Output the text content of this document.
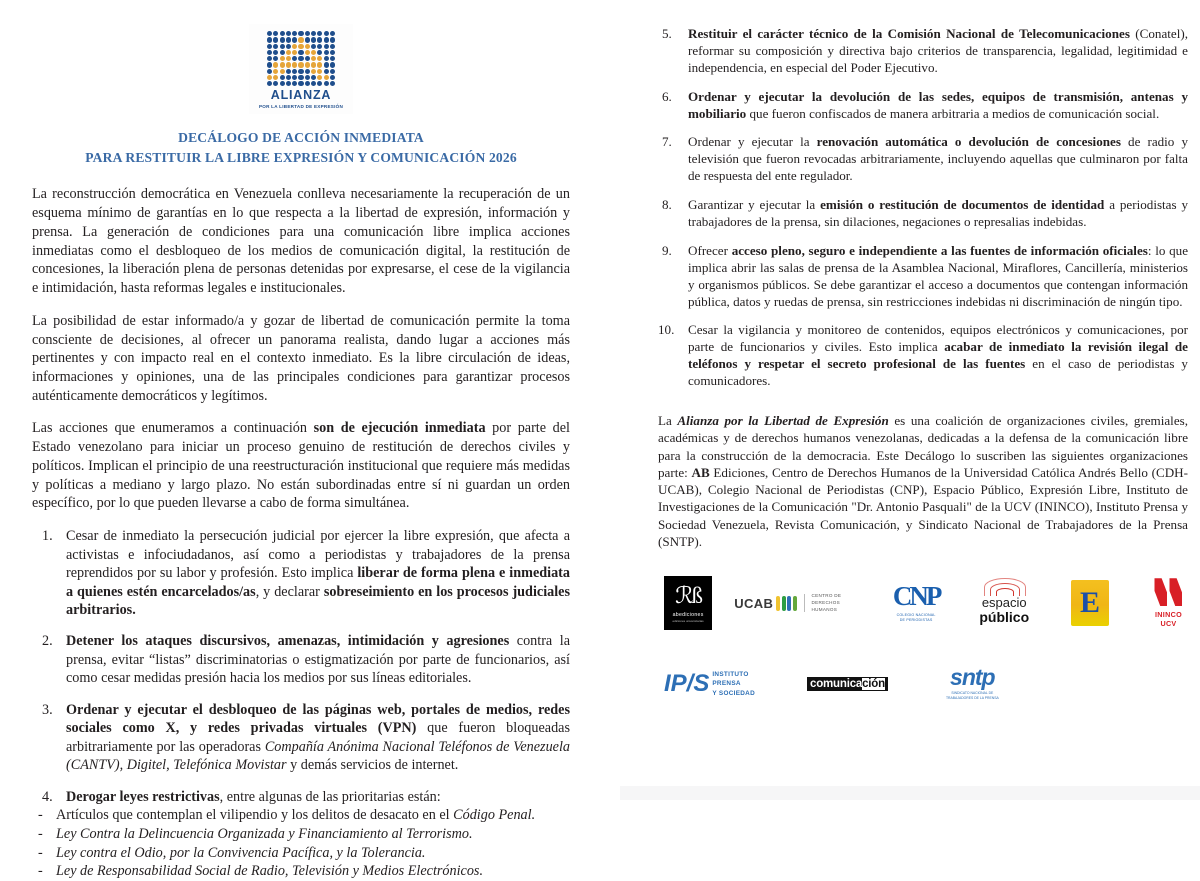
ALIANZA
POR LA LIBERTAD DE EXPRESIÓN
DECÁLOGO DE ACCIÓN INMEDIATA
PARA RESTITUIR LA LIBRE EXPRESIÓN Y COMUNICACIÓN 2026

La reconstrucción democrática en Venezuela conlleva necesariamente la recuperación de un esquema mínimo de garantías en lo que respecta a la libertad de expresión, información y prensa. La generación de condiciones para una comunicación libre implica acciones inmediatas como el desbloqueo de los medios de comunicación digital, la restitución de concesiones, la liberación plena de personas detenidas por expresarse, el cese de la vigilancia e intimidación, hasta reformas legales e institucionales.

La posibilidad de estar informado/a y gozar de libertad de comunicación permite la toma consciente de decisiones, al ofrecer un panorama realista, dando lugar a acciones más pertinentes y con impacto real en el contexto inmediato. Es la libre circulación de ideas, informaciones y opiniones, una de las principales condiciones para garantizar procesos auténticamente democráticos y legítimos.

Las acciones que enumeramos a continuación son de ejecución inmediata por parte del Estado venezolano para iniciar un proceso genuino de restitución de derechos civiles y políticos. Implican el principio de una reestructuración institucional que requiere más medidas y políticas a mediano y largo plazo. No están subordinadas entre sí ni guardan un orden específico, por lo que pueden llevarse a cabo de forma simultánea.

Cesar de inmediato la persecución judicial por ejercer la libre expresión, que afecta a activistas e infociudadanos, así como a periodistas y trabajadores de la prensa reprendidos por su labor y profesión. Esto implica liberar de forma plena e inmediata a quienes estén encarcelados/as, y declarar sobreseimiento en los procesos judiciales arbitrarios.
Detener los ataques discursivos, amenazas, intimidación y agresiones contra la prensa, evitar “listas” discriminatorias o estigmatización por parte de funcionarios, así como cesar medidas presión hacia los medios por sus líneas editoriales.
Ordenar y ejecutar el desbloqueo de las páginas web, portales de medios, redes sociales como X, y redes privadas virtuales (VPN) que fueron bloqueadas arbitrariamente por las operadoras Compañía Anónima Nacional Teléfonos de Venezuela (CANTV), Digitel, Telefónica Movistar y demás servicios de internet.
Derogar leyes restrictivas, entre algunas de las prioritarias están:
- Artículos que contemplan el vilipendio y los delitos de desacato en el Código Penal.
- Ley Contra la Delincuencia Organizada y Financiamiento al Terrorismo.
- Ley contra el Odio, por la Convivencia Pacífica, y la Tolerancia.
- Ley de Responsabilidad Social de Radio, Televisión y Medios Electrónicos.
Restituir el carácter técnico de la Comisión Nacional de Telecomunicaciones (Conatel), reformar su composición y directiva bajo criterios de transparencia, legalidad, legitimidad e independencia, en especial del Poder Ejecutivo.
Ordenar y ejecutar la devolución de las sedes, equipos de transmisión, antenas y mobiliario que fueron confiscados de manera arbitraria a medios de comunicación social.
Ordenar y ejecutar la renovación automática o devolución de concesiones de radio y televisión que fueron revocadas arbitrariamente, incluyendo aquellas que culminaron por falta de respuesta del ente regulador.
Garantizar y ejecutar la emisión o restitución de documentos de identidad a periodistas y trabajadores de la prensa, sin dilaciones, negaciones o represalias indebidas.
Ofrecer acceso pleno, seguro e independiente a las fuentes de información oficiales: lo que implica abrir las salas de prensa de la Asamblea Nacional, Miraflores, Cancillería, ministerios y organismos públicos. Se debe garantizar el acceso a documentos que contengan información pública, datos y ruedas de prensa, sin restricciones indebidas ni discriminación de ningún tipo.
Cesar la vigilancia y monitoreo de contenidos, equipos electrónicos y comunicaciones, por parte de funcionarios y civiles. Esto implica acabar de inmediato la revisión ilegal de teléfonos y respetar el secreto profesional de las fuentes en el caso de periodistas y comunicadores.

La Alianza por la Libertad de Expresión es una coalición de organizaciones civiles, gremiales, académicas y de derechos humanos venezolanas, dedicadas a la defensa de la comunicación libre para la construcción de la democracia. Este Decálogo lo suscriben las siguientes organizaciones parte: AB Ediciones, Centro de Derechos Humanos de la Universidad Católica Andrés Bello (CDH-UCAB), Colegio Nacional de Periodistas (CNP), Espacio Público, Expresión Libre, Instituto de Investigaciones de la Comunicación "Dr. Antonio Pasquali" de la UCV (ININCO), Instituto Prensa y Sociedad Venezuela, Revista Comunicación, y Sindicato Nacional de Trabajadores de la Prensa (SNTP).

ℛß
abediciones
ediciones universitarias
UCAB
CENTRO DE
DERECHOS HUMANOS	CNP
COLEGIO NACIONAL
DE PERIODISTAS
espacio
público E	ININCO UCV
IP/S INSTITUTO
PRENSA
Y SOCIEDAD
comunica ción	sntp
SINDICATO NACIONAL DE
TRABAJADORES DE LA PRENSA
